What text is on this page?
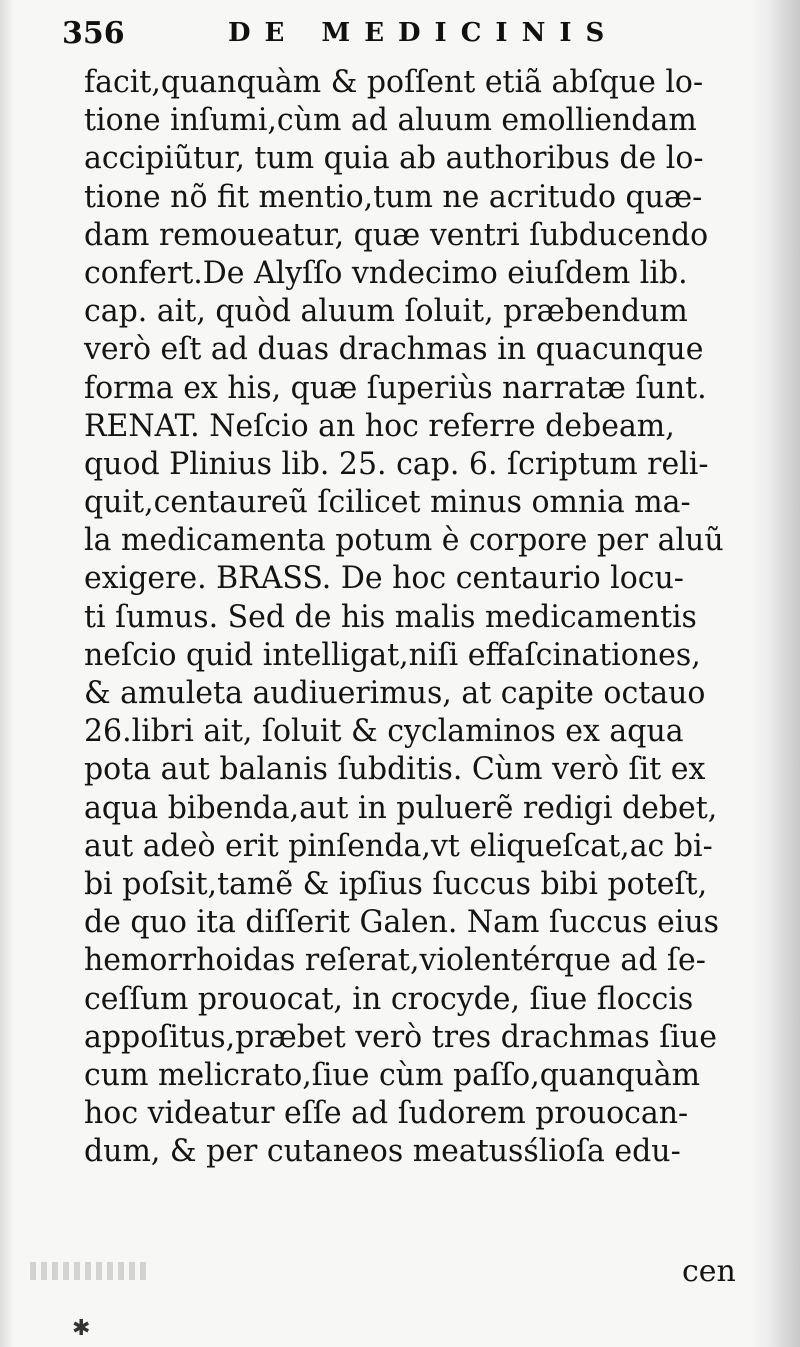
356	DE MEDICINIS
facit,quanquàm & poſſent etiã abſque lo-
tione inſumi,cùm ad aluum emolliendam
accipiũtur, tum quia ab authoribus de lo-
tione nõ fit mentio,tum ne acritudo quæ-
dam remoueatur, quæ ventri ſubducendo
confert.De Alyſſo vndecimo eiuſdem lib.
cap. ait, quòd aluum ſoluit, præbendum
verò eſt ad duas drachmas in quacunque
forma ex his, quæ ſuperiùs narratæ ſunt.
RENAT. Neſcio an hoc referre debeam,
quod Plinius lib. 25. cap. 6. ſcriptum reli-
quit,centaureũ ſcilicet minus omnia ma-
la medicamenta potum è corpore per aluũ
exigere. BRASS. De hoc centaurio locu-
ti ſumus. Sed de his malis medicamentis
neſcio quid intelligat,niſi effaſcinationes,
& amuleta audiuerimus, at capite octauo
26.libri ait, ſoluit & cyclaminos ex aqua
pota aut balanis ſubditis. Cùm verò ſit ex
aqua bibenda,aut in puluerẽ redigi debet,
aut adeò erit pinſenda,vt eliqueſcat,ac bi-
bi poſsit,tamẽ & ipſius ſuccus bibi poteſt,
de quo ita diſſerit Galen. Nam ſuccus eius
hemorrhoidas reſerat,violentérque ad ſe-
ceſſum prouocat, in crocyde, ſiue floccis
appoſitus,præbet verò tres drachmas ſiue
cum melicrato,ſiue cùm paſſo,quanquàm
hoc videatur eſſe ad ſudorem prouocan-
dum, & per cutaneos meatusślioſa edu-
cen
✱
